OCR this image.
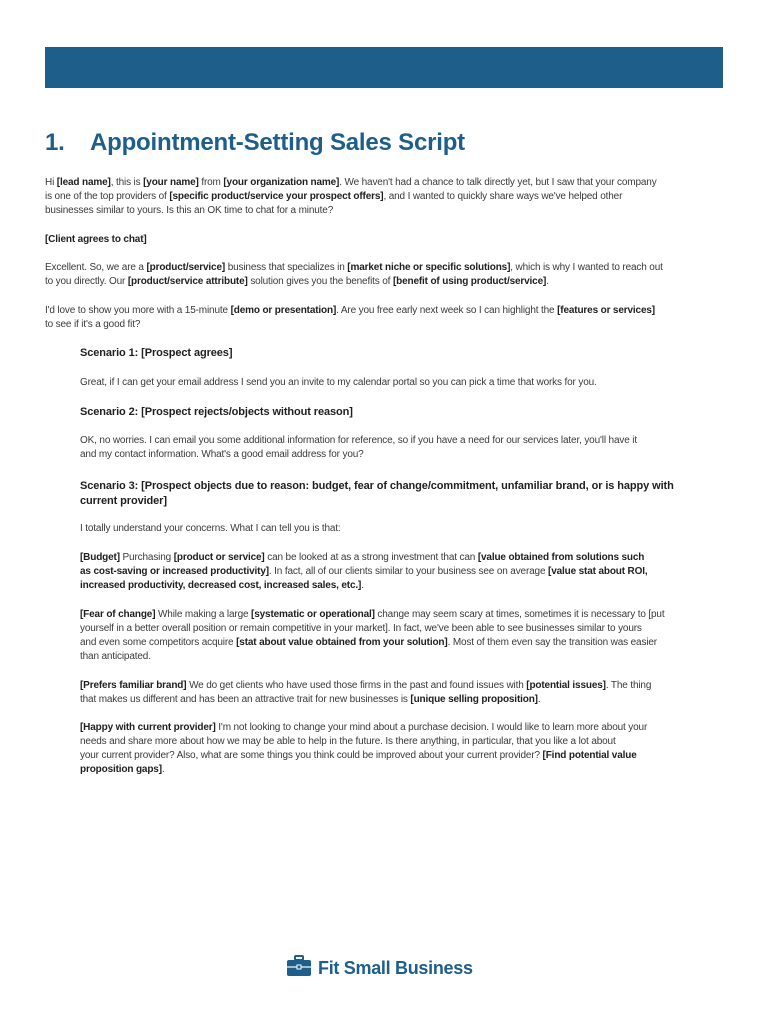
1. Appointment-Setting Sales Script
Hi [lead name], this is [your name] from [your organization name]. We haven't had a chance to talk directly yet, but I saw that your company
is one of the top providers of [specific product/service your prospect offers], and I wanted to quickly share ways we've helped other
businesses similar to yours. Is this an OK time to chat for a minute?
[Client agrees to chat]
Excellent. So, we are a [product/service] business that specializes in [market niche or specific solutions], which is why I wanted to reach out
to you directly. Our [product/service attribute] solution gives you the benefits of [benefit of using product/service].
I'd love to show you more with a 15-minute [demo or presentation]. Are you free early next week so I can highlight the [features or services]
to see if it's a good fit?
Scenario 1: [Prospect agrees]
Great, if I can get your email address I send you an invite to my calendar portal so you can pick a time that works for you.
Scenario 2: [Prospect rejects/objects without reason]
OK, no worries. I can email you some additional information for reference, so if you have a need for our services later, you'll have it
and my contact information. What's a good email address for you?
Scenario 3: [Prospect objects due to reason: budget, fear of change/commitment, unfamiliar brand, or is happy with
current provider]
I totally understand your concerns. What I can tell you is that:
[Budget] Purchasing [product or service] can be looked at as a strong investment that can [value obtained from solutions such
as cost-saving or increased productivity]. In fact, all of our clients similar to your business see on average [value stat about ROI,
increased productivity, decreased cost, increased sales, etc.].
[Fear of change] While making a large [systematic or operational] change may seem scary at times, sometimes it is necessary to [put
yourself in a better overall position or remain competitive in your market]. In fact, we've been able to see businesses similar to yours
and even some competitors acquire [stat about value obtained from your solution]. Most of them even say the transition was easier
than anticipated.
[Prefers familiar brand] We do get clients who have used those firms in the past and found issues with [potential issues]. The thing
that makes us different and has been an attractive trait for new businesses is [unique selling proposition].
[Happy with current provider] I'm not looking to change your mind about a purchase decision. I would like to learn more about your
needs and share more about how we may be able to help in the future. Is there anything, in particular, that you like a lot about
your current provider? Also, what are some things you think could be improved about your current provider? [Find potential value
proposition gaps].
Fit Small Business
